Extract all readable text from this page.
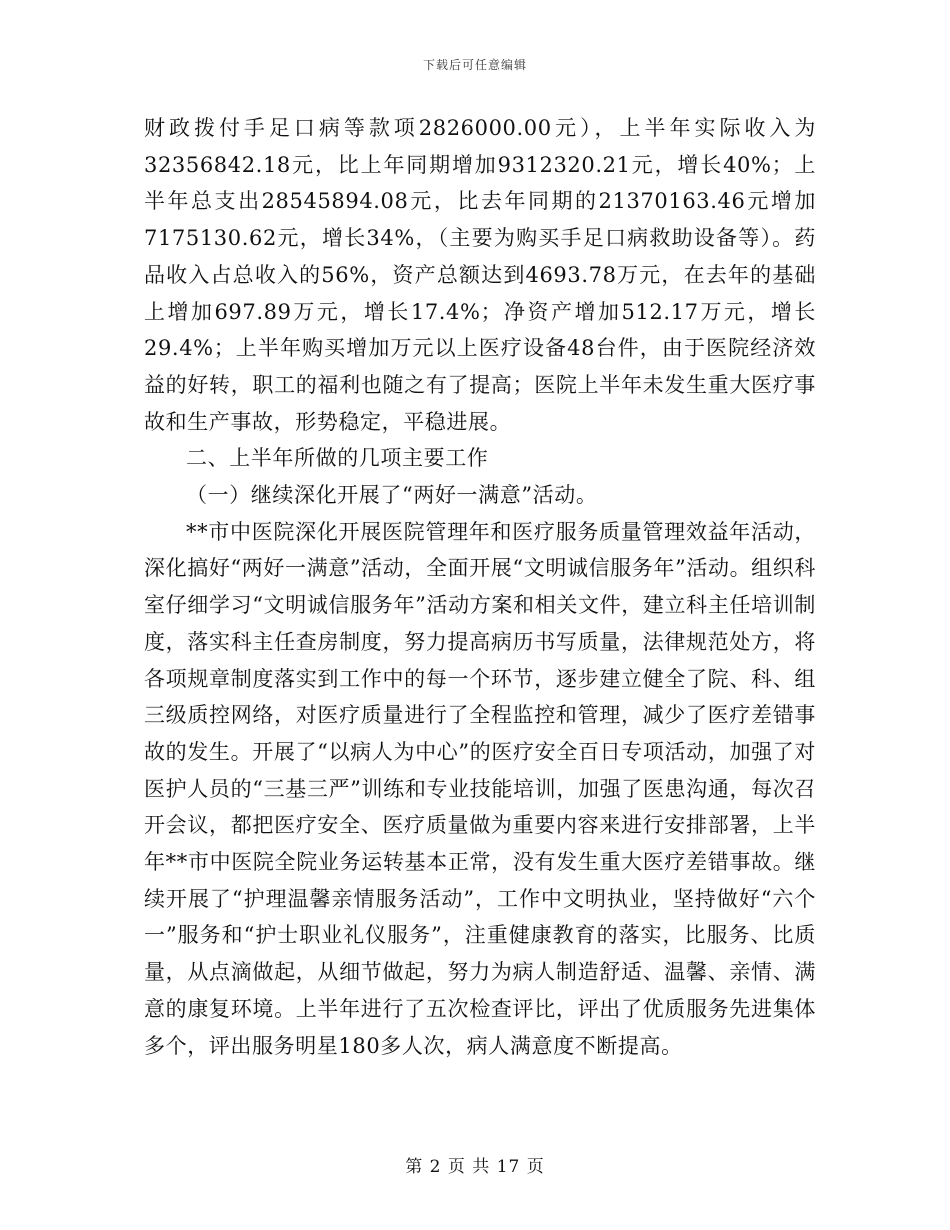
下载后可任意编辑

财政拨付手足口病等款项2826000.00元），上半年实际收入为32356842.18元，比上年同期增加9312320.21元，增长40%；上半年总支出28545894.08元，比去年同期的21370163.46元增加7175130.62元，增长34%，（主要为购买手足口病救助设备等）。药品收入占总收入的56%，资产总额达到4693.78万元，在去年的基础上增加697.89万元，增长17.4%；净资产增加512.17万元，增长29.4%；上半年购买增加万元以上医疗设备48台件，由于医院经济效益的好转，职工的福利也随之有了提高；医院上半年未发生重大医疗事故和生产事故，形势稳定，平稳进展。

二、上半年所做的几项主要工作

（一）继续深化开展了“两好一满意”活动。

**市中医院深化开展医院管理年和医疗服务质量管理效益年活动，深化搞好“两好一满意”活动，全面开展“文明诚信服务年”活动。组织科室仔细学习“文明诚信服务年”活动方案和相关文件，建立科主任培训制度，落实科主任查房制度，努力提高病历书写质量，法律规范处方，将各项规章制度落实到工作中的每一个环节，逐步建立健全了院、科、组三级质控网络，对医疗质量进行了全程监控和管理，减少了医疗差错事故的发生。开展了“以病人为中心”的医疗安全百日专项活动，加强了对医护人员的“三基三严”训练和专业技能培训，加强了医患沟通，每次召开会议，都把医疗安全、医疗质量做为重要内容来进行安排部署，上半年**市中医院全院业务运转基本正常，没有发生重大医疗差错事故。继续开展了“护理温馨亲情服务活动”，工作中文明执业，坚持做好“六个一”服务和“护士职业礼仪服务”，注重健康教育的落实，比服务、比质量，从点滴做起，从细节做起，努力为病人制造舒适、温馨、亲情、满意的康复环境。上半年进行了五次检查评比，评出了优质服务先进集体多个，评出服务明星180多人次，病人满意度不断提高。

第 2 页 共 17 页
